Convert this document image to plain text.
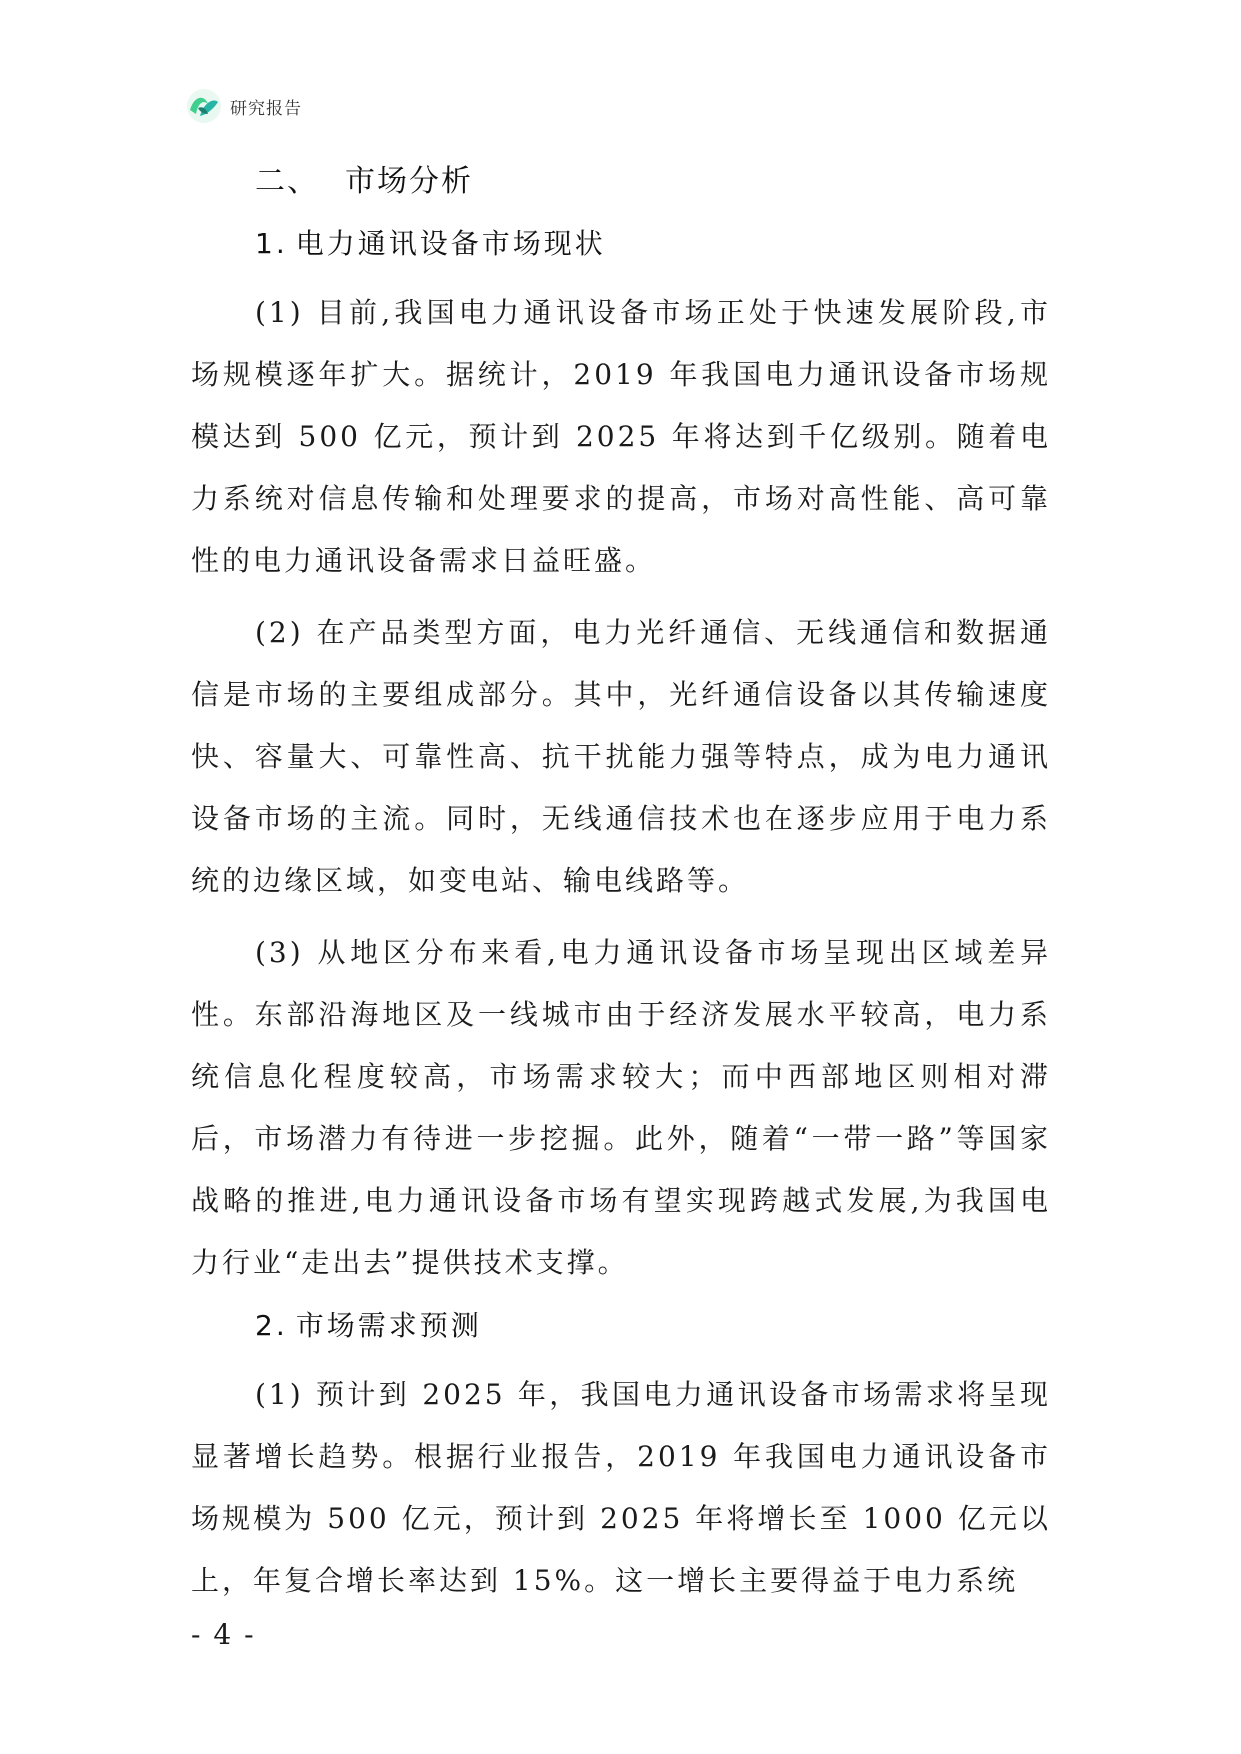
研究报告
二、 市场分析
1. 电力通讯设备市场现状

(1) 目前,我国电力通讯设备市场正处于快速发展阶段,市场规模逐年扩大。据统计，2019 年我国电力通讯设备市场规模达到 500 亿元，预计到 2025 年将达到千亿级别。随着电力系统对信息传输和处理要求的提高，市场对高性能、高可靠性的电力通讯设备需求日益旺盛。

(2) 在产品类型方面，电力光纤通信、无线通信和数据通信是市场的主要组成部分。其中，光纤通信设备以其传输速度快、容量大、可靠性高、抗干扰能力强等特点，成为电力通讯设备市场的主流。同时，无线通信技术也在逐步应用于电力系统的边缘区域，如变电站、输电线路等。

(3) 从地区分布来看,电力通讯设备市场呈现出区域差异性。东部沿海地区及一线城市由于经济发展水平较高，电力系统信息化程度较高，市场需求较大；而中西部地区则相对滞后，市场潜力有待进一步挖掘。此外，随着“一带一路”等国家战略的推进,电力通讯设备市场有望实现跨越式发展,为我国电力行业“走出去”提供技术支撑。

2. 市场需求预测

(1) 预计到 2025 年，我国电力通讯设备市场需求将呈现显著增长趋势。根据行业报告，2019 年我国电力通讯设备市场规模为 500 亿元，预计到 2025 年将增长至 1000 亿元以上，年复合增长率达到 15%。这一增长主要得益于电力系统

- 4 -
